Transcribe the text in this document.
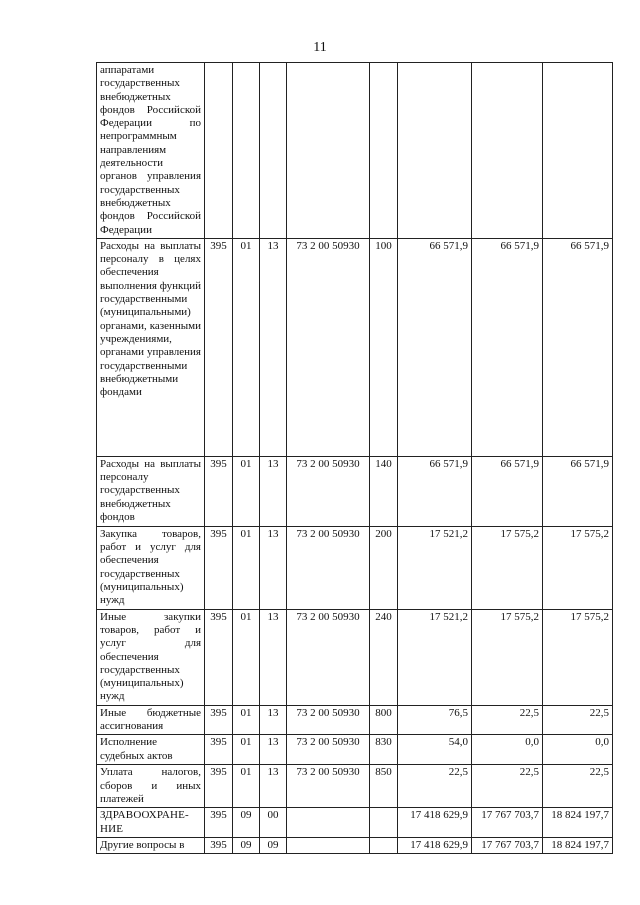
11
аппаратами государственных внебюджетных фондов Российской Федерации по непрограммным направлениям деятельности органов управления государственных внебюджетных фондов Российской Федерации								
Расходы на выплаты персоналу в целях обеспечения выполнения функций государственными (муниципальными) органами, казенными учреждениями, органами управления государственными внебюджетными фондами	395	01	13	73 2 00 50930	100	66 571,9	66 571,9	66 571,9
Расходы на выплаты персоналу государственных внебюджетных фондов	395	01	13	73 2 00 50930	140	66 571,9	66 571,9	66 571,9
Закупка товаров, работ и услуг для обеспечения государственных (муниципальных) нужд	395	01	13	73 2 00 50930	200	17 521,2	17 575,2	17 575,2
Иные закупки товаров, работ и услуг для обеспечения государственных (муниципальных) нужд	395	01	13	73 2 00 50930	240	17 521,2	17 575,2	17 575,2
Иные бюджетные ассигнования	395	01	13	73 2 00 50930	800	76,5	22,5	22,5
Исполнение судебных актов	395	01	13	73 2 00 50930	830	54,0	0,0	0,0
Уплата налогов, сборов и иных платежей	395	01	13	73 2 00 50930	850	22,5	22,5	22,5
ЗДРАВООХРАНЕ-НИЕ	395	09	00			17 418 629,9	17 767 703,7	18 824 197,7
Другие вопросы в	395	09	09			17 418 629,9	17 767 703,7	18 824 197,7
